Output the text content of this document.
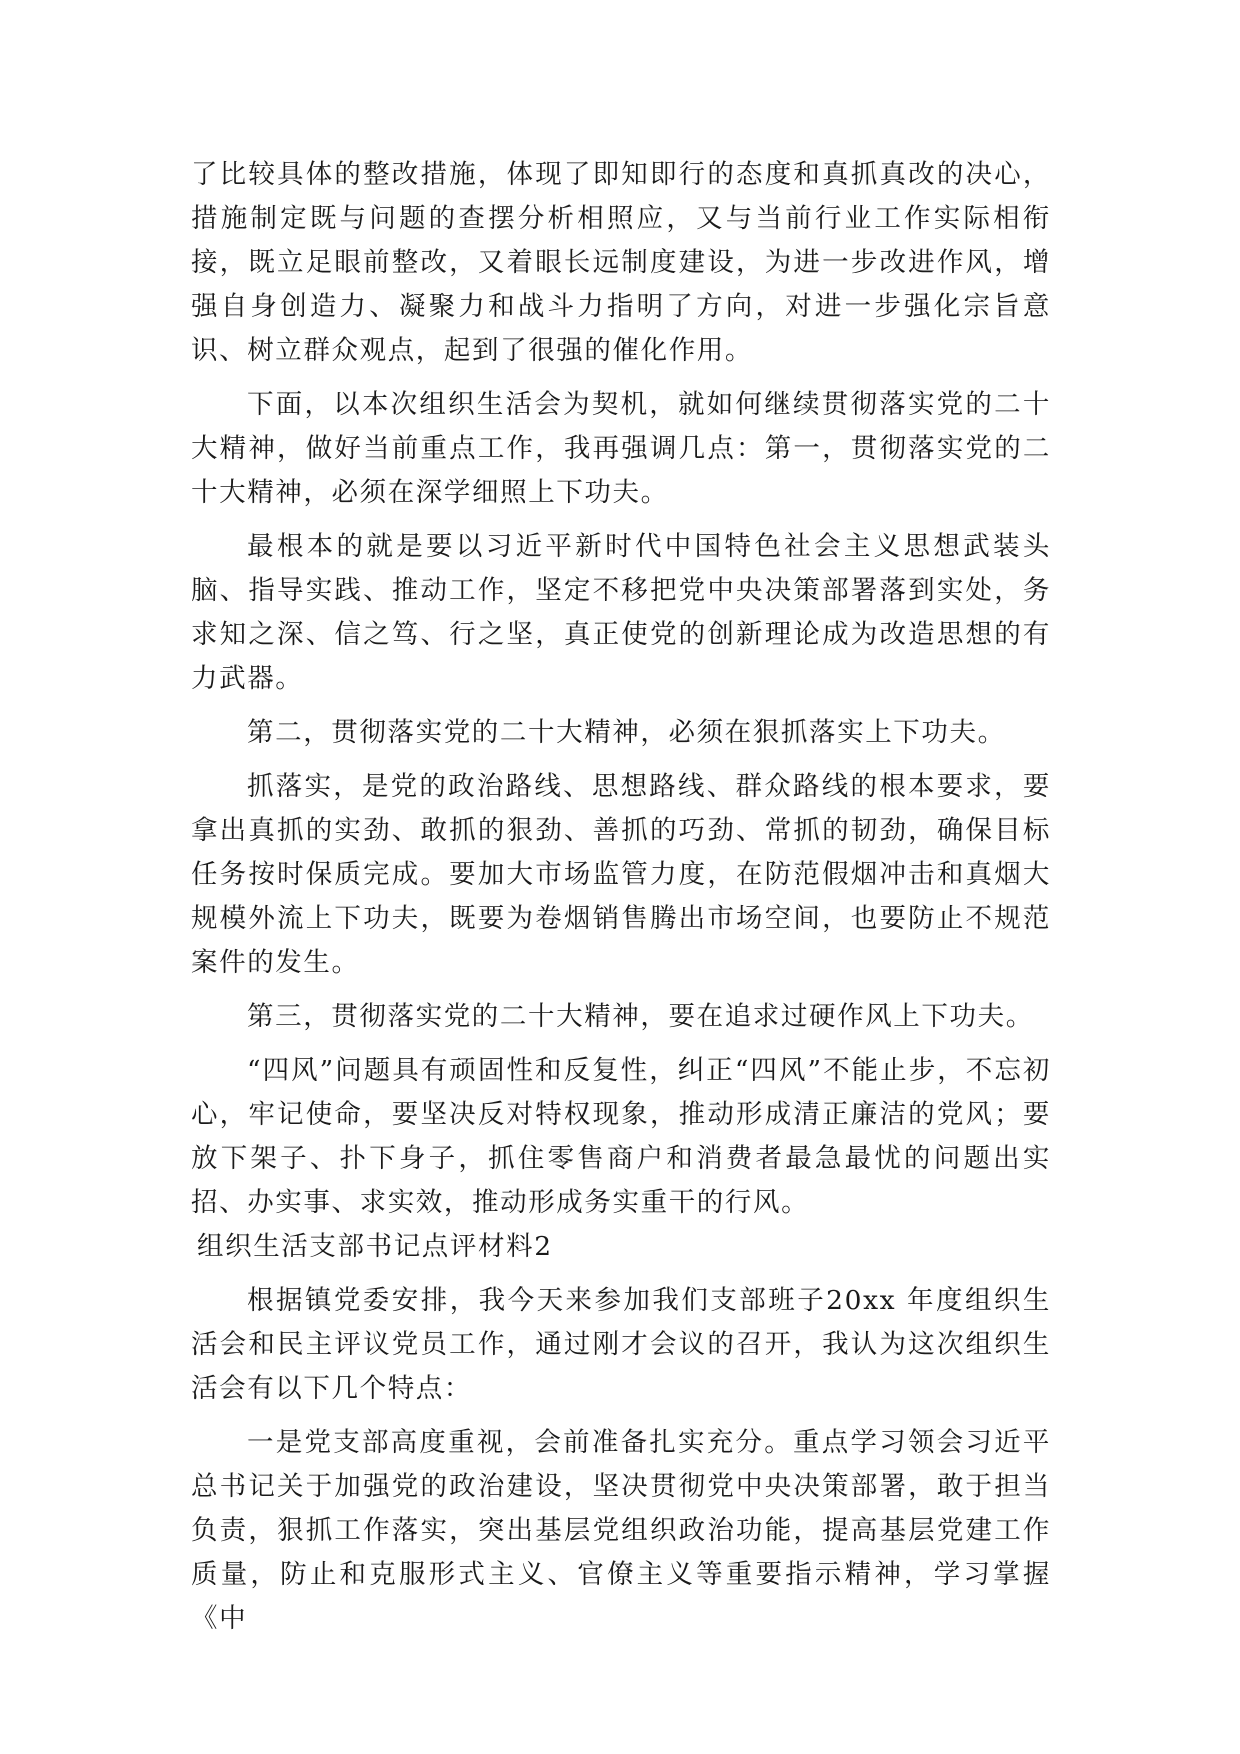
了比较具体的整改措施，体现了即知即行的态度和真抓真改的决心，措施制定既与问题的查摆分析相照应，又与当前行业工作实际相衔接，既立足眼前整改，又着眼长远制度建设，为进一步改进作风，增强自身创造力、凝聚力和战斗力指明了方向，对进一步强化宗旨意识、树立群众观点，起到了很强的催化作用。

下面，以本次组织生活会为契机，就如何继续贯彻落实党的二十大精神，做好当前重点工作，我再强调几点：第一，贯彻落实党的二十大精神，必须在深学细照上下功夫。

最根本的就是要以习近平新时代中国特色社会主义思想武装头脑、指导实践、推动工作，坚定不移把党中央决策部署落到实处，务求知之深、信之笃、行之坚，真正使党的创新理论成为改造思想的有力武器。

第二，贯彻落实党的二十大精神，必须在狠抓落实上下功夫。

抓落实，是党的政治路线、思想路线、群众路线的根本要求，要拿出真抓的实劲、敢抓的狠劲、善抓的巧劲、常抓的韧劲，确保目标任务按时保质完成。要加大市场监管力度，在防范假烟冲击和真烟大规模外流上下功夫，既要为卷烟销售腾出市场空间，也要防止不规范案件的发生。

第三，贯彻落实党的二十大精神，要在追求过硬作风上下功夫。

“四风”问题具有顽固性和反复性，纠正“四风”不能止步，不忘初心，牢记使命，要坚决反对特权现象，推动形成清正廉洁的党风；要放下架子、扑下身子，抓住零售商户和消费者最急最忧的问题出实招、办实事、求实效，推动形成务实重干的行风。

组织生活支部书记点评材料2

根据镇党委安排，我今天来参加我们支部班子20xx 年度组织生 活会和民主评议党员工作，通过刚才会议的召开，我认为这次组织生 活会有以下几个特点：

一是党支部高度重视，会前准备扎实充分。重点学习领会习近平总书记关于加强党的政治建设，坚决贯彻党中央决策部署，敢于担当负责，狠抓工作落实，突出基层党组织政治功能，提高基层党建工作质量，防止和克服形式主义、官僚主义等重要指示精神，学习掌握《中
